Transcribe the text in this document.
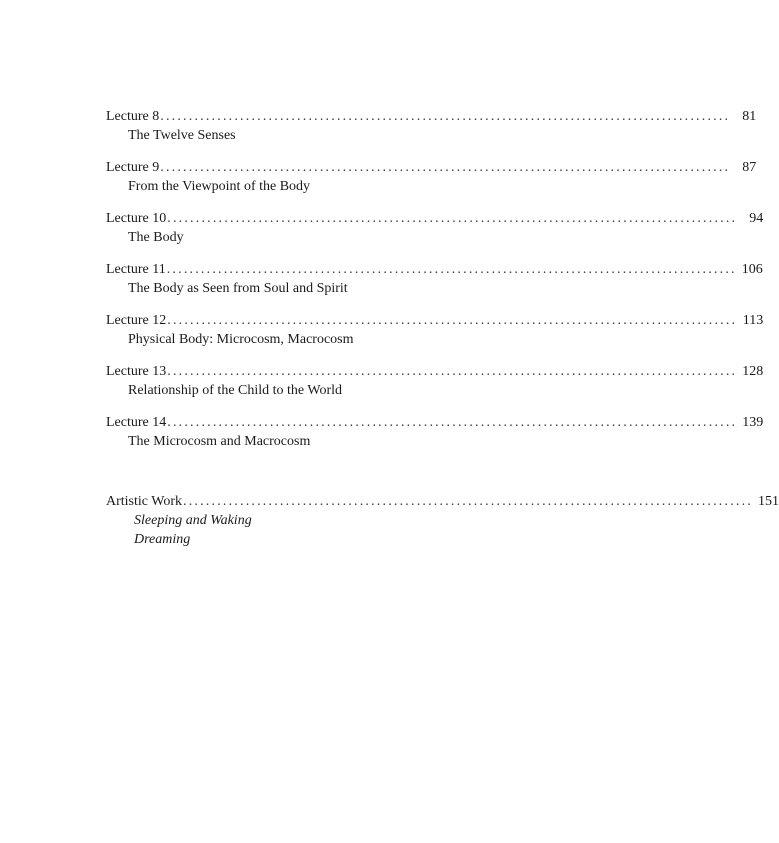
Lecture 8 .................................................................................................... 81
The Twelve Senses
Lecture 9 .................................................................................................... 87
From the Viewpoint of the Body
Lecture 10 .................................................................................................... 94
The Body
Lecture 11 .................................................................................................... 106
The Body as Seen from Soul and Spirit
Lecture 12 .................................................................................................... 113
Physical Body: Microcosm, Macrocosm
Lecture 13 .................................................................................................... 128
Relationship of the Child to the World
Lecture 14 .................................................................................................... 139
The Microcosm and Macrocosm
Artistic Work .................................................................................................... 151
Sleeping and Waking
Dreaming
